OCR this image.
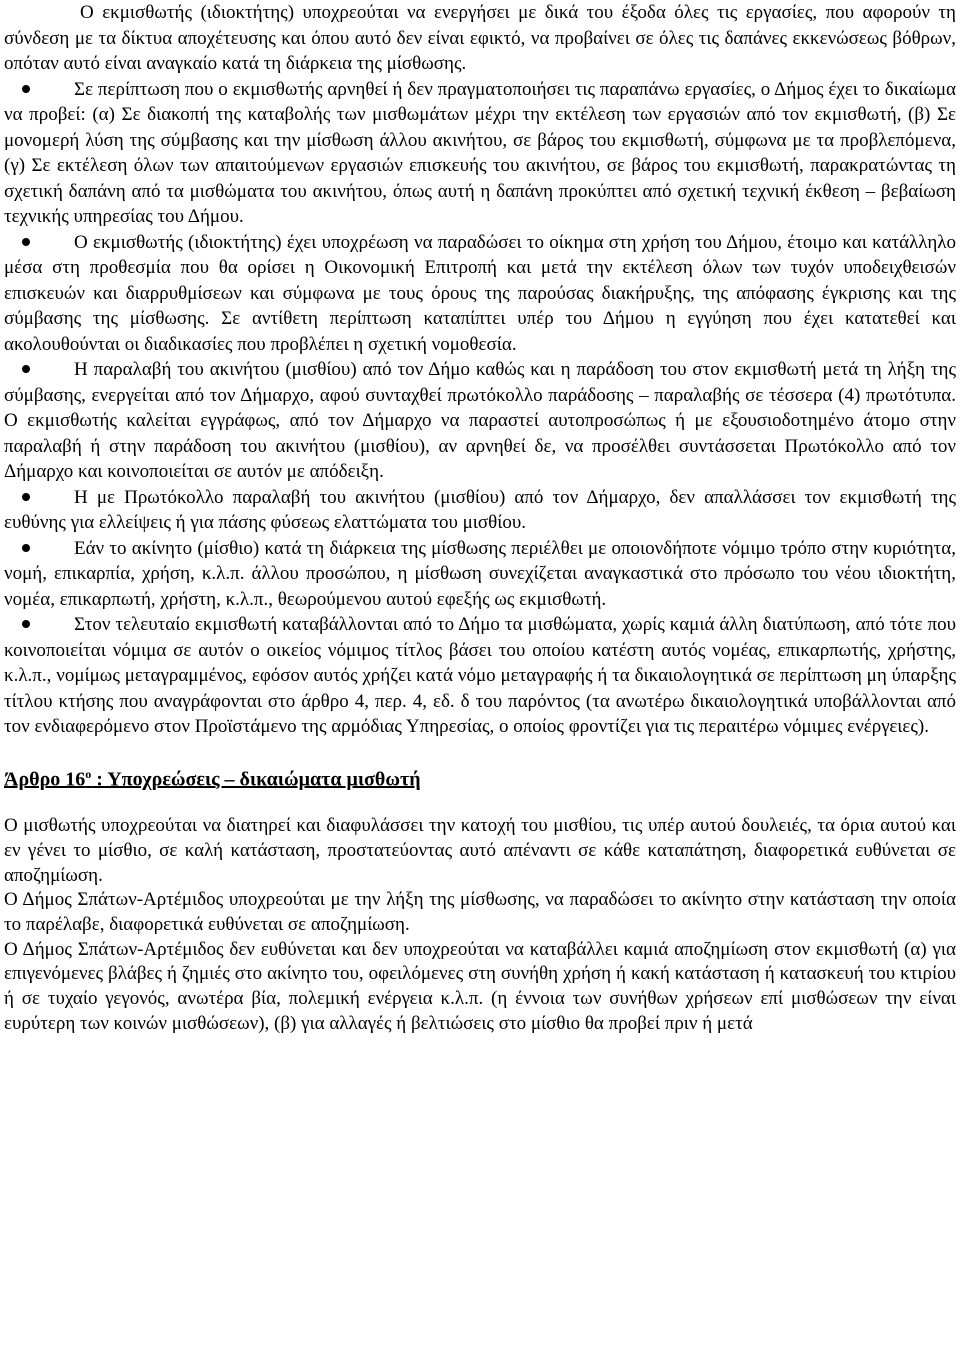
Ο εκμισθωτής (ιδιοκτήτης) υποχρεούται να ενεργήσει με δικά του έξοδα όλες τις εργασίες, που αφορούν τη σύνδεση με τα δίκτυα αποχέτευσης και όπου αυτό δεν είναι εφικτό, να προβαίνει σε όλες τις δαπάνες εκκενώσεως βόθρων, οπόταν αυτό είναι αναγκαίο κατά τη διάρκεια της μίσθωσης.

Σε περίπτωση που ο εκμισθωτής αρνηθεί ή δεν πραγματοποιήσει τις παραπάνω εργασίες, ο Δήμος έχει το δικαίωμα να προβεί: (α) Σε διακοπή της καταβολής των μισθωμάτων μέχρι την εκτέλεση των εργασιών από τον εκμισθωτή, (β) Σε μονομερή λύση της σύμβασης και την μίσθωση άλλου ακινήτου, σε βάρος του εκμισθωτή, σύμφωνα με τα προβλεπόμενα, (γ) Σε εκτέλεση όλων των απαιτούμενων εργασιών επισκευής του ακινήτου, σε βάρος του εκμισθωτή, παρακρατώντας τη σχετική δαπάνη από τα μισθώματα του ακινήτου, όπως αυτή η δαπάνη προκύπτει από σχετική τεχνική έκθεση – βεβαίωση τεχνικής υπηρεσίας του Δήμου.

Ο εκμισθωτής (ιδιοκτήτης) έχει υποχρέωση να παραδώσει το οίκημα στη χρήση του Δήμου, έτοιμο και κατάλληλο μέσα στη προθεσμία που θα ορίσει η Οικονομική Επιτροπή και μετά την εκτέλεση όλων των τυχόν υποδειχθεισών επισκευών και διαρρυθμίσεων και σύμφωνα με τους όρους της παρούσας διακήρυξης, της απόφασης έγκρισης και της σύμβασης της μίσθωσης. Σε αντίθετη περίπτωση καταπίπτει υπέρ του Δήμου η εγγύηση που έχει κατατεθεί και ακολουθούνται οι διαδικασίες που προβλέπει η σχετική νομοθεσία.

Η παραλαβή του ακινήτου (μισθίου) από τον Δήμο καθώς και η παράδοση του στον εκμισθωτή μετά τη λήξη της σύμβασης, ενεργείται από τον Δήμαρχο, αφού συνταχθεί πρωτόκολλο παράδοσης – παραλαβής σε τέσσερα (4) πρωτότυπα. Ο εκμισθωτής καλείται εγγράφως, από τον Δήμαρχο να παραστεί αυτοπροσώπως ή με εξουσιοδοτημένο άτομο στην παραλαβή ή στην παράδοση του ακινήτου (μισθίου), αν αρνηθεί δε, να προσέλθει συντάσσεται Πρωτόκολλο από τον Δήμαρχο και κοινοποιείται σε αυτόν με απόδειξη.

Η με Πρωτόκολλο παραλαβή του ακινήτου (μισθίου) από τον Δήμαρχο, δεν απαλλάσσει τον εκμισθωτή της ευθύνης για ελλείψεις ή για πάσης φύσεως ελαττώματα του μισθίου.

Εάν το ακίνητο (μίσθιο) κατά τη διάρκεια της μίσθωσης περιέλθει με οποιονδήποτε νόμιμο τρόπο στην κυριότητα, νομή, επικαρπία, χρήση, κ.λ.π. άλλου προσώπου, η μίσθωση συνεχίζεται αναγκαστικά στο πρόσωπο του νέου ιδιοκτήτη, νομέα, επικαρπωτή, χρήστη, κ.λ.π., θεωρούμενου αυτού εφεξής ως εκμισθωτή.

Στον τελευταίο εκμισθωτή καταβάλλονται από το Δήμο τα μισθώματα, χωρίς καμιά άλλη διατύπωση, από τότε που κοινοποιείται νόμιμα σε αυτόν ο οικείος νόμιμος τίτλος βάσει του οποίου κατέστη αυτός νομέας, επικαρπωτής, χρήστης, κ.λ.π., νομίμως μεταγραμμένος, εφόσον αυτός χρήζει κατά νόμο μεταγραφής ή τα δικαιολογητικά σε περίπτωση μη ύπαρξης τίτλου κτήσης που αναγράφονται στο άρθρο 4, περ. 4, εδ. δ του παρόντος (τα ανωτέρω δικαιολογητικά υποβάλλονται από τον ενδιαφερόμενο στον Προϊστάμενο της αρμόδιας Υπηρεσίας, ο οποίος φροντίζει για τις περαιτέρω νόμιμες ενέργειες).

Άρθρο $16^o$ : Υποχρεώσεις – δικαιώματα μισθωτή

Ο μισθωτής υποχρεούται να διατηρεί και διαφυλάσσει την κατοχή του μισθίου, τις υπέρ αυτού δουλειές, τα όρια αυτού και εν γένει το μίσθιο, σε καλή κατάσταση, προστατεύοντας αυτό απέναντι σε κάθε καταπάτηση, διαφορετικά ευθύνεται σε αποζημίωση.

Ο Δήμος Σπάτων-Αρτέμιδος υποχρεούται με την λήξη της μίσθωσης, να παραδώσει το ακίνητο στην κατάσταση την οποία το παρέλαβε, διαφορετικά ευθύνεται σε αποζημίωση.

Ο Δήμος Σπάτων-Αρτέμιδος δεν ευθύνεται και δεν υποχρεούται να καταβάλλει καμιά αποζημίωση στον εκμισθωτή (α) για επιγενόμενες βλάβες ή ζημιές στο ακίνητο του, οφειλόμενες στη συνήθη χρήση ή κακή κατάσταση ή κατασκευή του κτιρίου ή σε τυχαίο γεγονός, ανωτέρα βία, πολεμική ενέργεια κ.λ.π. (η έννοια των συνήθων χρήσεων επί μισθώσεων την είναι ευρύτερη των κοινών μισθώσεων), (β) για αλλαγές ή βελτιώσεις στο μίσθιο θα προβεί πριν ή μετά
